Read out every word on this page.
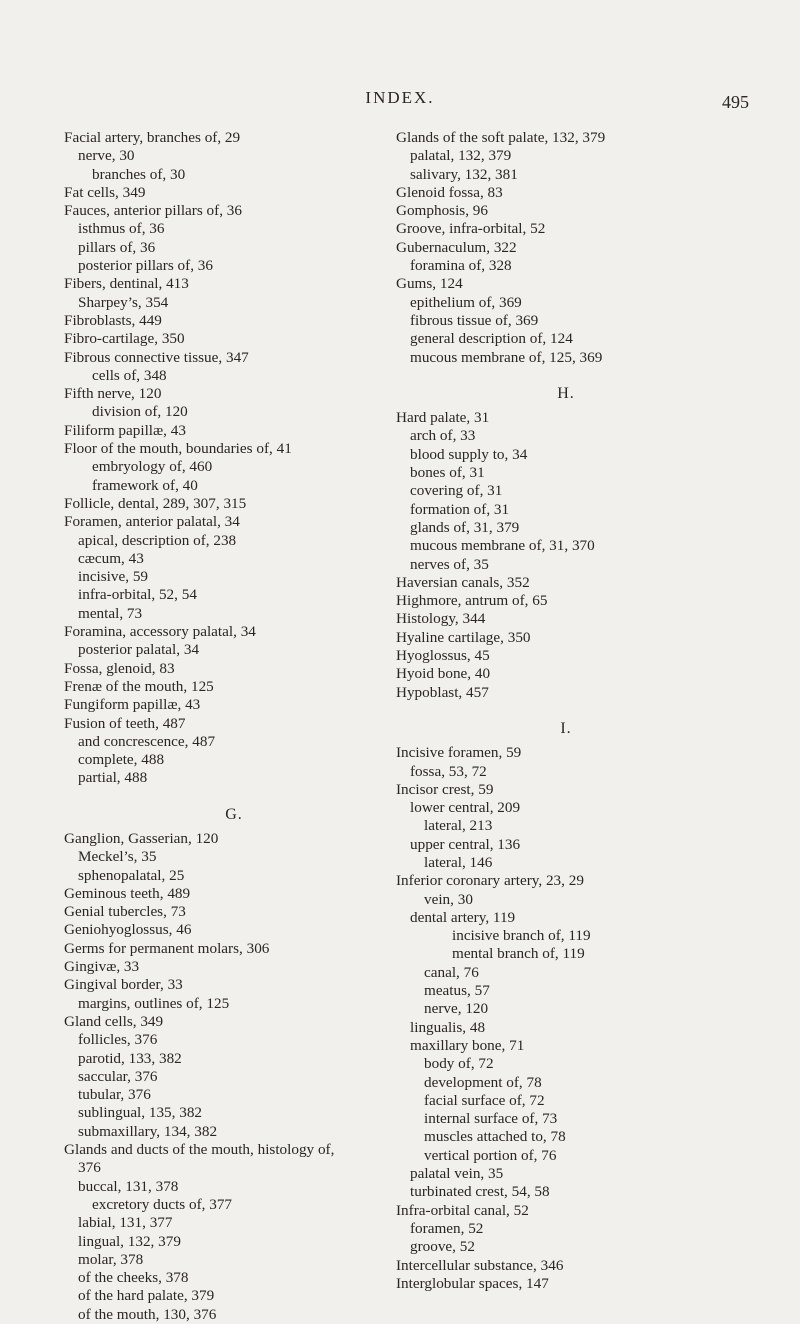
INDEX.	495
Facial artery, branches of, 29
nerve, 30
branches of, 30
Fat cells, 349
Fauces, anterior pillars of, 36
isthmus of, 36
pillars of, 36
posterior pillars of, 36
Fibers, dentinal, 413
Sharpey’s, 354
Fibroblasts, 449
Fibro-cartilage, 350
Fibrous connective tissue, 347
cells of, 348
Fifth nerve, 120
division of, 120
Filiform papillæ, 43
Floor of the mouth, boundaries of, 41
embryology of, 460
framework of, 40
Follicle, dental, 289, 307, 315
Foramen, anterior palatal, 34
apical, description of, 238
cæcum, 43
incisive, 59
infra-orbital, 52, 54
mental, 73
Foramina, accessory palatal, 34
posterior palatal, 34
Fossa, glenoid, 83
Frenæ of the mouth, 125
Fungiform papillæ, 43
Fusion of teeth, 487
and concrescence, 487
complete, 488
partial, 488
G.
Ganglion, Gasserian, 120
Meckel’s, 35
sphenopalatal, 25
Geminous teeth, 489
Genial tubercles, 73
Geniohyoglossus, 46
Germs for permanent molars, 306
Gingivæ, 33
Gingival border, 33
margins, outlines of, 125
Gland cells, 349
follicles, 376
parotid, 133, 382
saccular, 376
tubular, 376
sublingual, 135, 382
submaxillary, 134, 382
Glands and ducts of the mouth, histology of,
376
buccal, 131, 378
excretory ducts of, 377
labial, 131, 377
lingual, 132, 379
molar, 378
of the cheeks, 378
of the hard palate, 379
of the mouth, 130, 376
Glands of the soft palate, 132, 379
palatal, 132, 379
salivary, 132, 381
Glenoid fossa, 83
Gomphosis, 96
Groove, infra-orbital, 52
Gubernaculum, 322
foramina of, 328
Gums, 124
epithelium of, 369
fibrous tissue of, 369
general description of, 124
mucous membrane of, 125, 369
H.
Hard palate, 31
arch of, 33
blood supply to, 34
bones of, 31
covering of, 31
formation of, 31
glands of, 31, 379
mucous membrane of, 31, 370
nerves of, 35
Haversian canals, 352
Highmore, antrum of, 65
Histology, 344
Hyaline cartilage, 350
Hyoglossus, 45
Hyoid bone, 40
Hypoblast, 457
I.
Incisive foramen, 59
fossa, 53, 72
Incisor crest, 59
lower central, 209
lateral, 213
upper central, 136
lateral, 146
Inferior coronary artery, 23, 29
vein, 30
dental artery, 119
incisive branch of, 119
mental branch of, 119
canal, 76
meatus, 57
nerve, 120
lingualis, 48
maxillary bone, 71
body of, 72
development of, 78
facial surface of, 72
internal surface of, 73
muscles attached to, 78
vertical portion of, 76
palatal vein, 35
turbinated crest, 54, 58
Infra-orbital canal, 52
foramen, 52
groove, 52
Intercellular substance, 346
Interglobular spaces, 147
